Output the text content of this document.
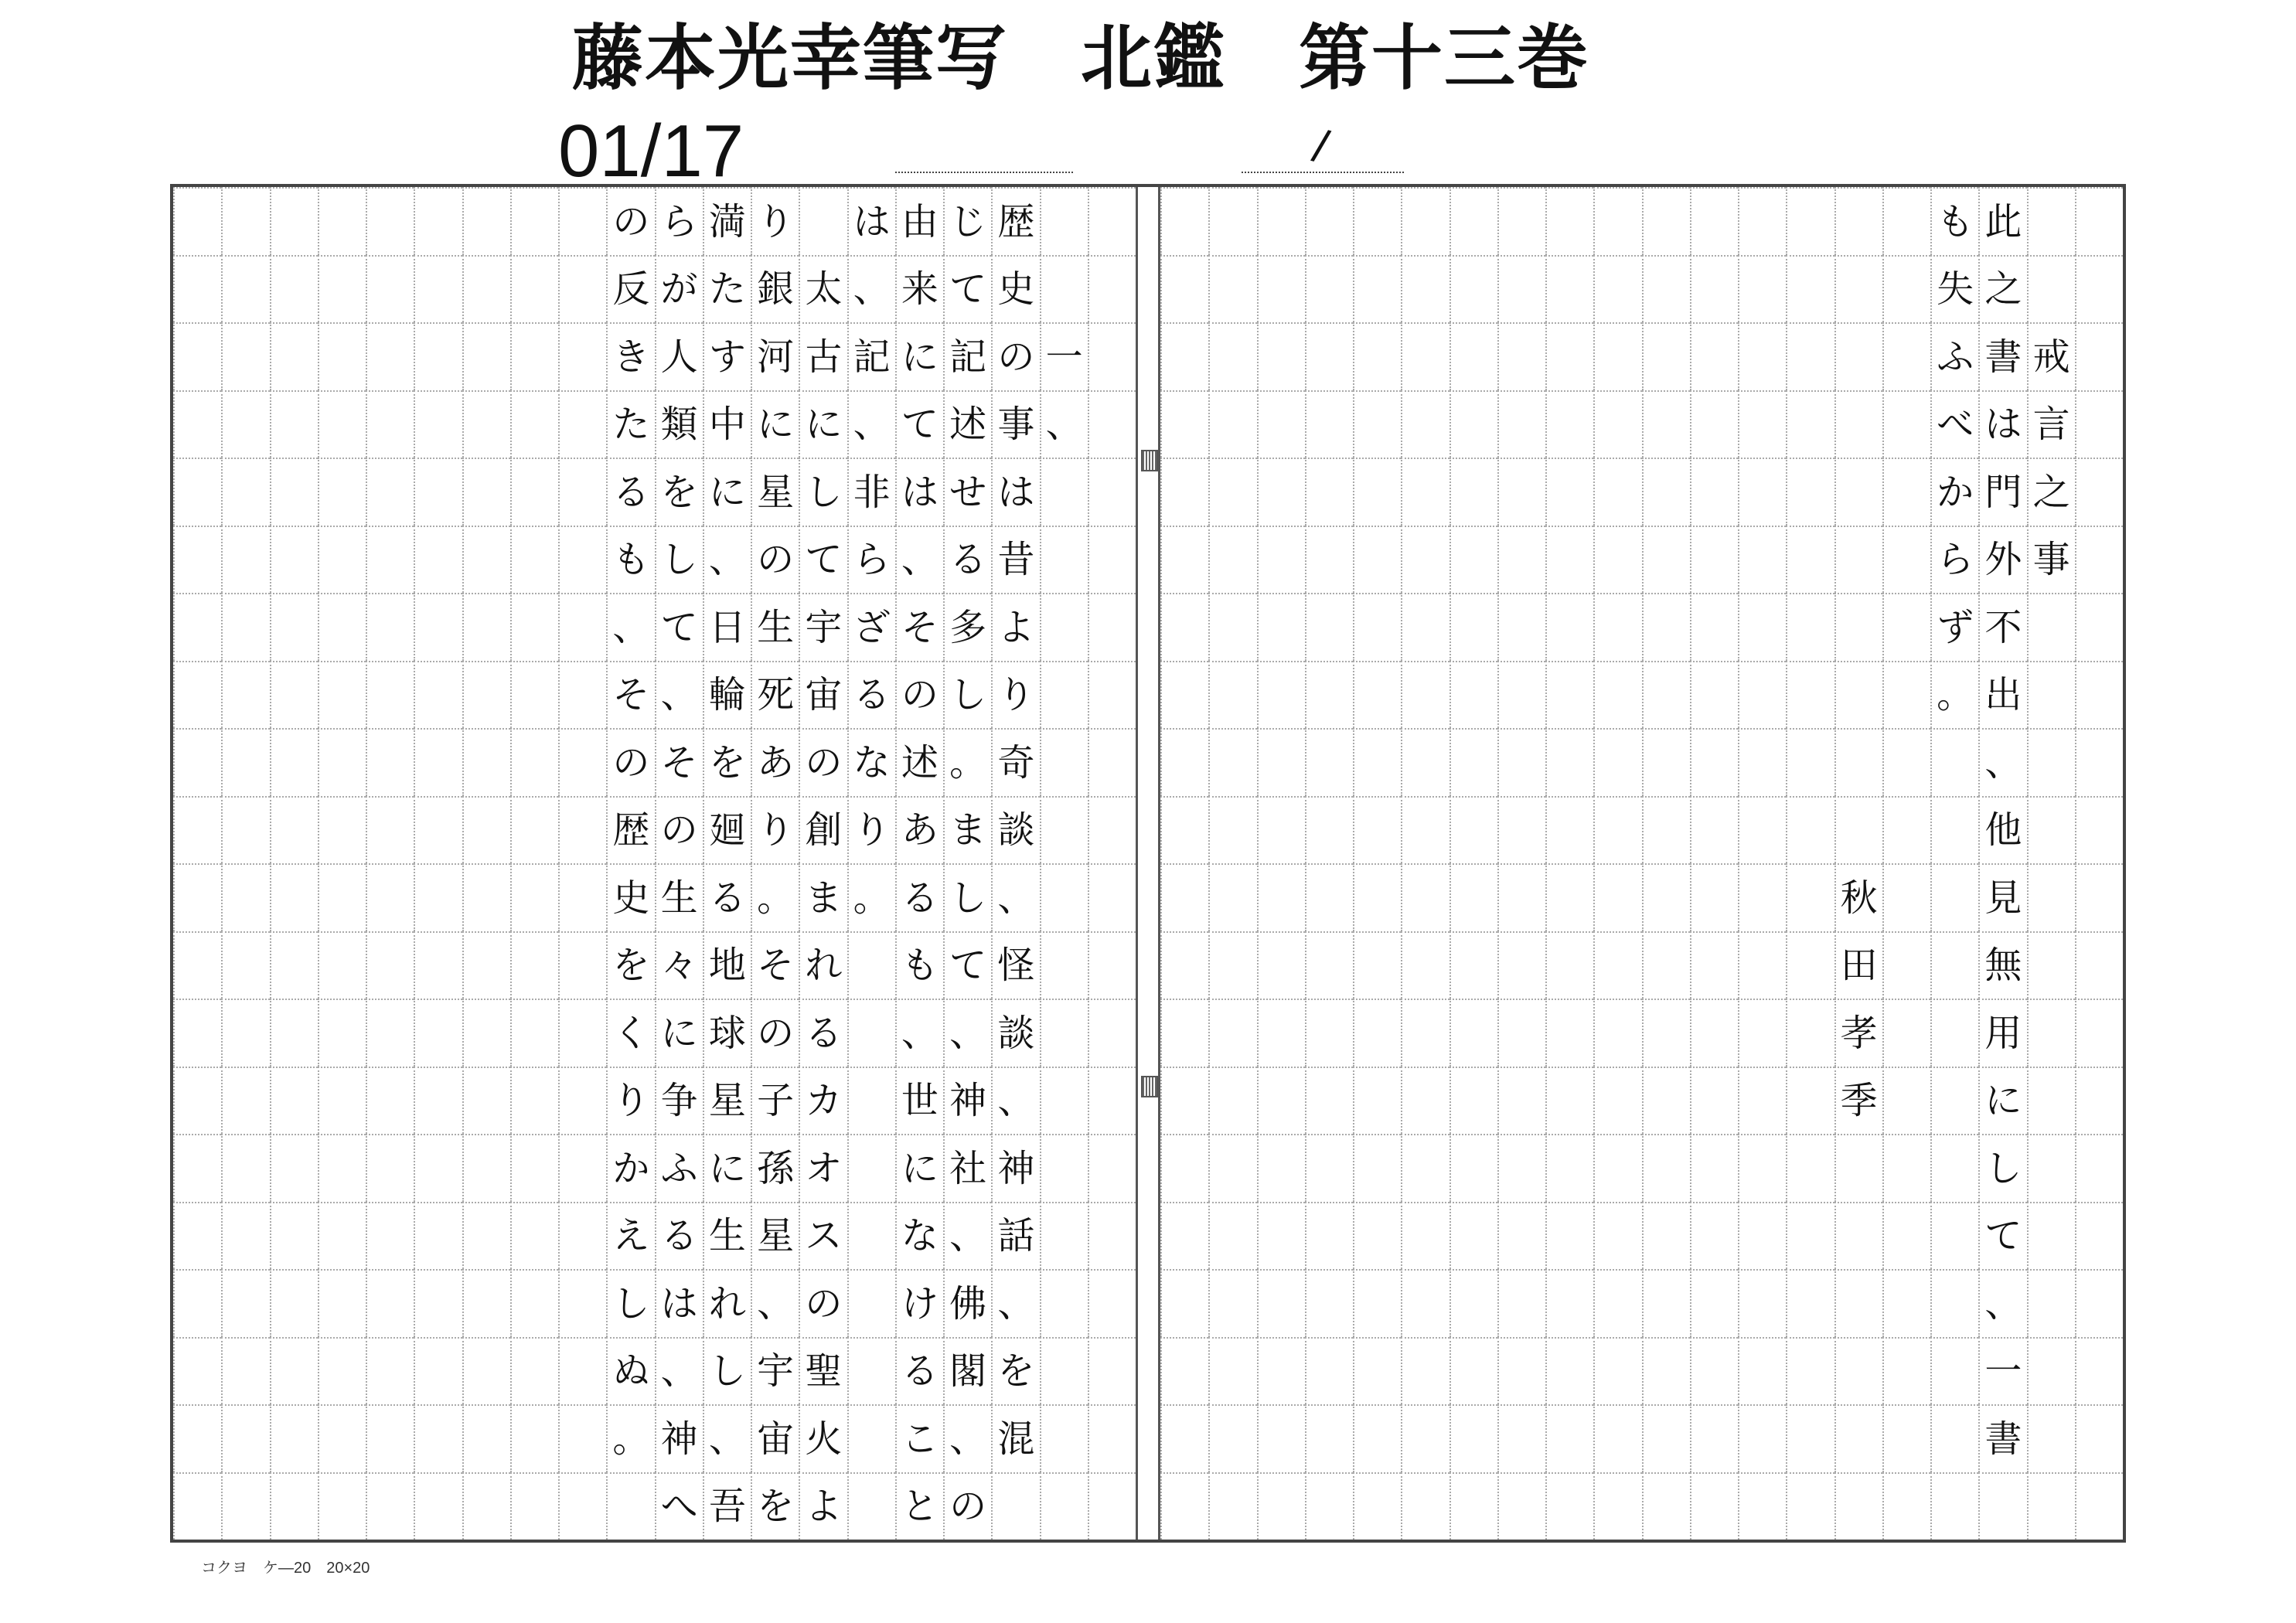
藤本光幸筆写　北鑑　第十三巻
01/17	/
一
、
歴
史
の
事
は
昔
よ
り
奇
談
、
怪
談
、
神
話
、
を
混
じ
て
記
述
せ
る
多
し
。
ま
し
て
、
神
社
、
佛
閣
、
の
由
来
に
て
は
、
そ
の
述
あ
る
も
、
世
に
な
け
る
こ
と
は
、
記
、
非
ら
ざ
る
な
り
。
太
古
に
し
て
宇
宙
の
創
ま
れ
る
カ
オ
ス
の
聖
火
よ
り
銀
河
に
星
の
生
死
あ
り
。
そ
の
子
孫
星
、
宇
宙
を
満
た
す
中
に
、
日
輪
を
廻
る
地
球
星
に
生
れ
し
、
吾
ら
が
人
類
を
し
て
、
そ
の
生
々
に
争
ふ
る
は
、
神
へ
の
反
き
た
る
も
、
そ
の
歴
史
を
く
り
か
え
し
ぬ
。
戒
言
之
事
此
之
書
は
門
外
不
出
、
他
見
無
用
に
し
て
、
一
書
も
失
ふ
べ
か
ら
ず
。
秋
田
孝
季
コクヨ　ケ―20　20×20
